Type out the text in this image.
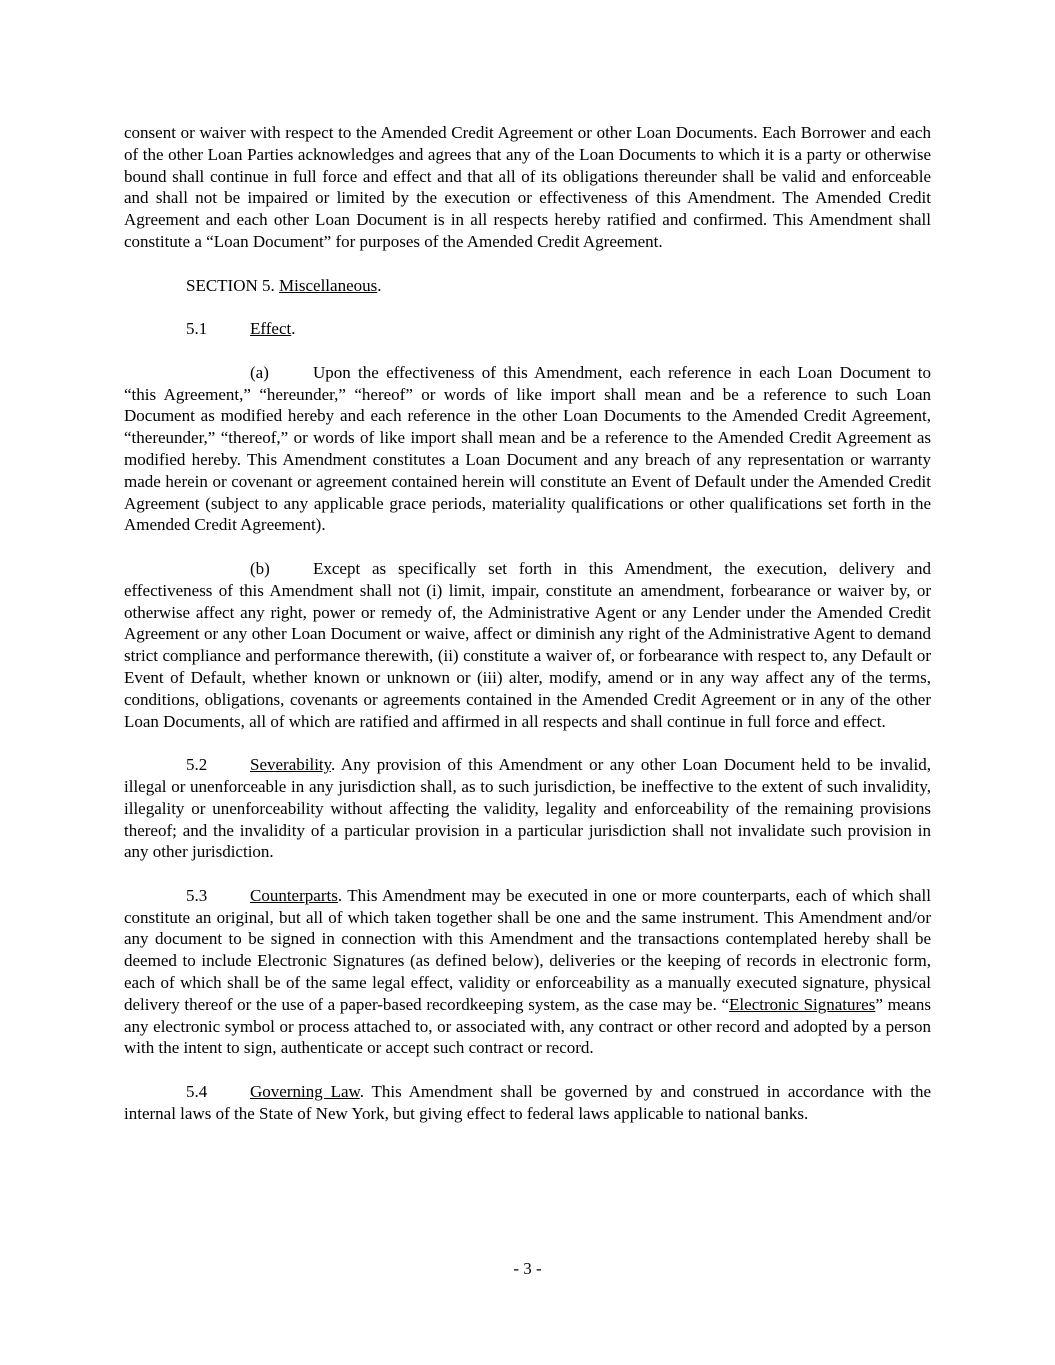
consent or waiver with respect to the Amended Credit Agreement or other Loan Documents. Each Borrower and each of the other Loan Parties acknowledges and agrees that any of the Loan Documents to which it is a party or otherwise bound shall continue in full force and effect and that all of its obligations thereunder shall be valid and enforceable and shall not be impaired or limited by the execution or effectiveness of this Amendment. The Amended Credit Agreement and each other Loan Document is in all respects hereby ratified and confirmed. This Amendment shall constitute a “Loan Document” for purposes of the Amended Credit Agreement.

SECTION 5. Miscellaneous.

5.1	Effect.

(a)	Upon the effectiveness of this Amendment, each reference in each Loan Document to “this Agreement,” “hereunder,” “hereof” or words of like import shall mean and be a reference to such Loan Document as modified hereby and each reference in the other Loan Documents to the Amended Credit Agreement, “thereunder,” “thereof,” or words of like import shall mean and be a reference to the Amended Credit Agreement as modified hereby. This Amendment constitutes a Loan Document and any breach of any representation or warranty made herein or covenant or agreement contained herein will constitute an Event of Default under the Amended Credit Agreement (subject to any applicable grace periods, materiality qualifications or other qualifications set forth in the Amended Credit Agreement).

(b)	Except as specifically set forth in this Amendment, the execution, delivery and effectiveness of this Amendment shall not (i) limit, impair, constitute an amendment, forbearance or waiver by, or otherwise affect any right, power or remedy of, the Administrative Agent or any Lender under the Amended Credit Agreement or any other Loan Document or waive, affect or diminish any right of the Administrative Agent to demand strict compliance and performance therewith, (ii) constitute a waiver of, or forbearance with respect to, any Default or Event of Default, whether known or unknown or (iii) alter, modify, amend or in any way affect any of the terms, conditions, obligations, covenants or agreements contained in the Amended Credit Agreement or in any of the other Loan Documents, all of which are ratified and affirmed in all respects and shall continue in full force and effect.

5.2	Severability. Any provision of this Amendment or any other Loan Document held to be invalid, illegal or unenforceable in any jurisdiction shall, as to such jurisdiction, be ineffective to the extent of such invalidity, illegality or unenforceability without affecting the validity, legality and enforceability of the remaining provisions thereof; and the invalidity of a particular provision in a particular jurisdiction shall not invalidate such provision in any other jurisdiction.

5.3	Counterparts. This Amendment may be executed in one or more counterparts, each of which shall constitute an original, but all of which taken together shall be one and the same instrument. This Amendment and/or any document to be signed in connection with this Amendment and the transactions contemplated hereby shall be deemed to include Electronic Signatures (as defined below), deliveries or the keeping of records in electronic form, each of which shall be of the same legal effect, validity or enforceability as a manually executed signature, physical delivery thereof or the use of a paper-based recordkeeping system, as the case may be. “Electronic Signatures” means any electronic symbol or process attached to, or associated with, any contract or other record and adopted by a person with the intent to sign, authenticate or accept such contract or record.

5.4	Governing Law. This Amendment shall be governed by and construed in accordance with the internal laws of the State of New York, but giving effect to federal laws applicable to national banks.

- 3 -
